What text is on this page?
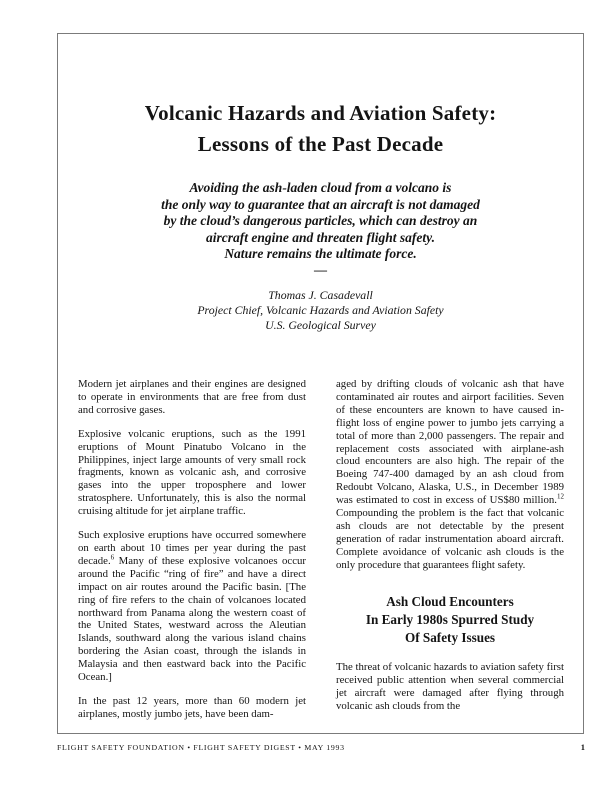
Volcanic Hazards and Aviation Safety:
Lessons of the Past Decade
Avoiding the ash-laden cloud from a volcano is
the only way to guarantee that an aircraft is not damaged
by the cloud’s dangerous particles, which can destroy an
aircraft engine and threaten flight safety.
Nature remains the ultimate force.
—
Thomas J. Casadevall
Project Chief, Volcanic Hazards and Aviation Safety
U.S. Geological Survey

Modern jet airplanes and their engines are designed to operate in environments that are free from dust and corrosive gases.

Explosive volcanic eruptions, such as the 1991 eruptions of Mount Pinatubo Volcano in the Philippines, inject large amounts of very small rock fragments, known as volcanic ash, and corrosive gases into the upper troposphere and lower stratosphere. Unfortunately, this is also the normal cruising altitude for jet airplane traffic.

Such explosive eruptions have occurred somewhere on earth about 10 times per year during the past decade.$^6$ Many of these explosive volcanoes occur around the Pacific “ring of fire” and have a direct impact on air routes around the Pacific basin. [The ring of fire refers to the chain of volcanoes located northward from Panama along the western coast of the United States, westward across the Aleutian Islands, southward along the various island chains bordering the Asian coast, through the islands in Malaysia and then eastward back into the Pacific Ocean.]

In the past 12 years, more than 60 modern jet airplanes, mostly jumbo jets, have been dam-

aged by drifting clouds of volcanic ash that have contaminated air routes and airport facilities. Seven of these encounters are known to have caused in-flight loss of engine power to jumbo jets carrying a total of more than 2,000 passengers. The repair and replacement costs associated with airplane-ash cloud encounters are also high. The repair of the Boeing 747-400 damaged by an ash cloud from Redoubt Volcano, Alaska, U.S., in December 1989 was estimated to cost in excess of US$80 million.$^{12}$ Compounding the problem is the fact that volcanic ash clouds are not detectable by the present generation of radar instrumentation aboard aircraft. Complete avoidance of volcanic ash clouds is the only procedure that guarantees flight safety.

Ash Cloud Encounters
In Early 1980s Spurred Study
Of Safety Issues

The threat of volcanic hazards to aviation safety first received public attention when several commercial jet aircraft were damaged after flying through volcanic ash clouds from the

FLIGHT SAFETY FOUNDATION • FLIGHT SAFETY DIGEST • MAY 1993	1
